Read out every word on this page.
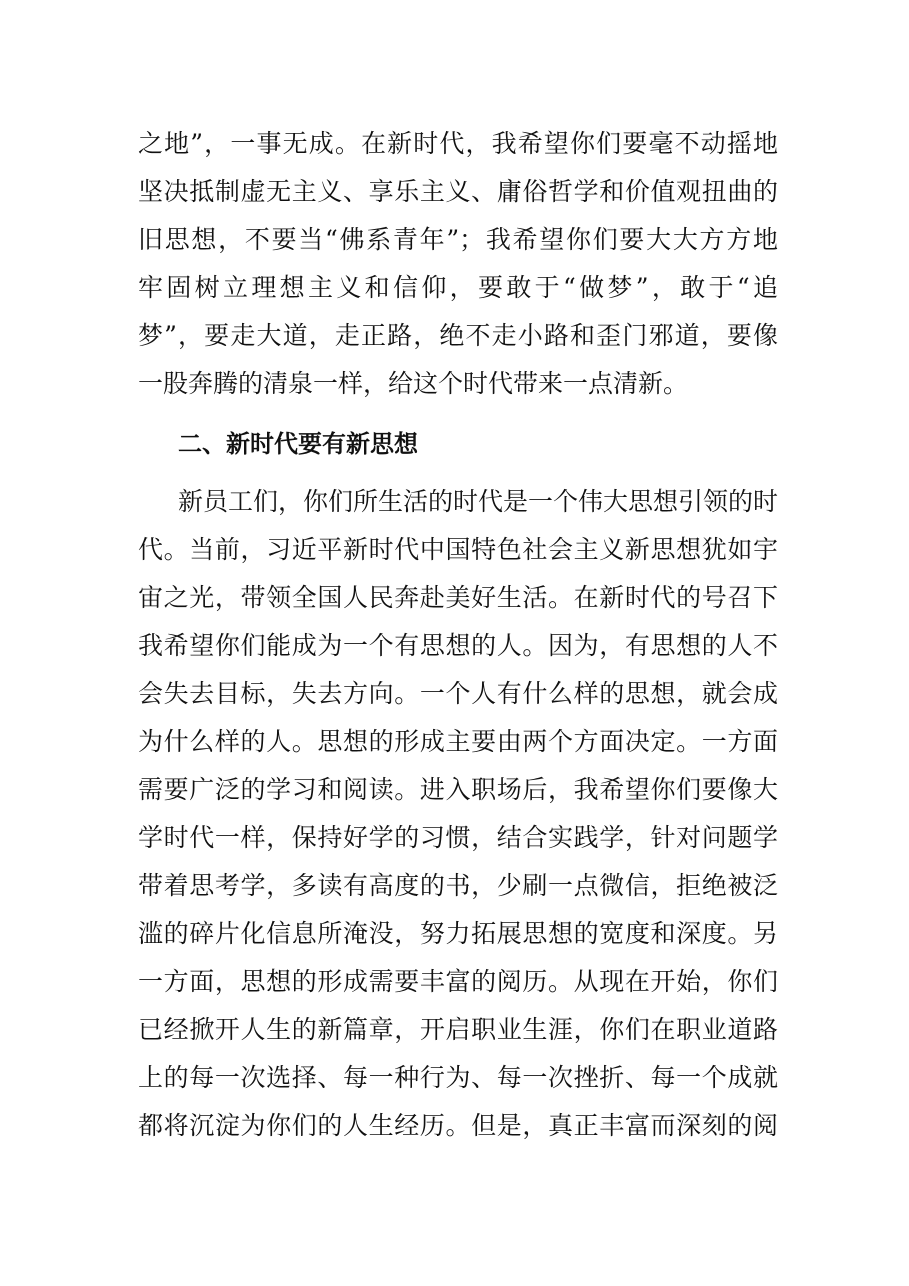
之地”，一事无成。在新时代，我希望你们要毫不动摇地
坚决抵制虚无主义、享乐主义、庸俗哲学和价值观扭曲的
旧思想，不要当“佛系青年”；我希望你们要大大方方地
牢固树立理想主义和信仰，要敢于“做梦”，敢于“追
梦”，要走大道，走正路，绝不走小路和歪门邪道，要像
一股奔腾的清泉一样，给这个时代带来一点清新。
二、新时代要有新思想
新员工们，你们所生活的时代是一个伟大思想引领的时
代。当前，习近平新时代中国特色社会主义新思想犹如宇
宙之光，带领全国人民奔赴美好生活。在新时代的号召下
我希望你们能成为一个有思想的人。因为，有思想的人不
会失去目标，失去方向。一个人有什么样的思想，就会成
为什么样的人。思想的形成主要由两个方面决定。一方面
需要广泛的学习和阅读。进入职场后，我希望你们要像大
学时代一样，保持好学的习惯，结合实践学，针对问题学
带着思考学，多读有高度的书，少刷一点微信，拒绝被泛
滥的碎片化信息所淹没，努力拓展思想的宽度和深度。另
一方面，思想的形成需要丰富的阅历。从现在开始，你们
已经掀开人生的新篇章，开启职业生涯，你们在职业道路
上的每一次选择、每一种行为、每一次挫折、每一个成就
都将沉淀为你们的人生经历。但是，真正丰富而深刻的阅
